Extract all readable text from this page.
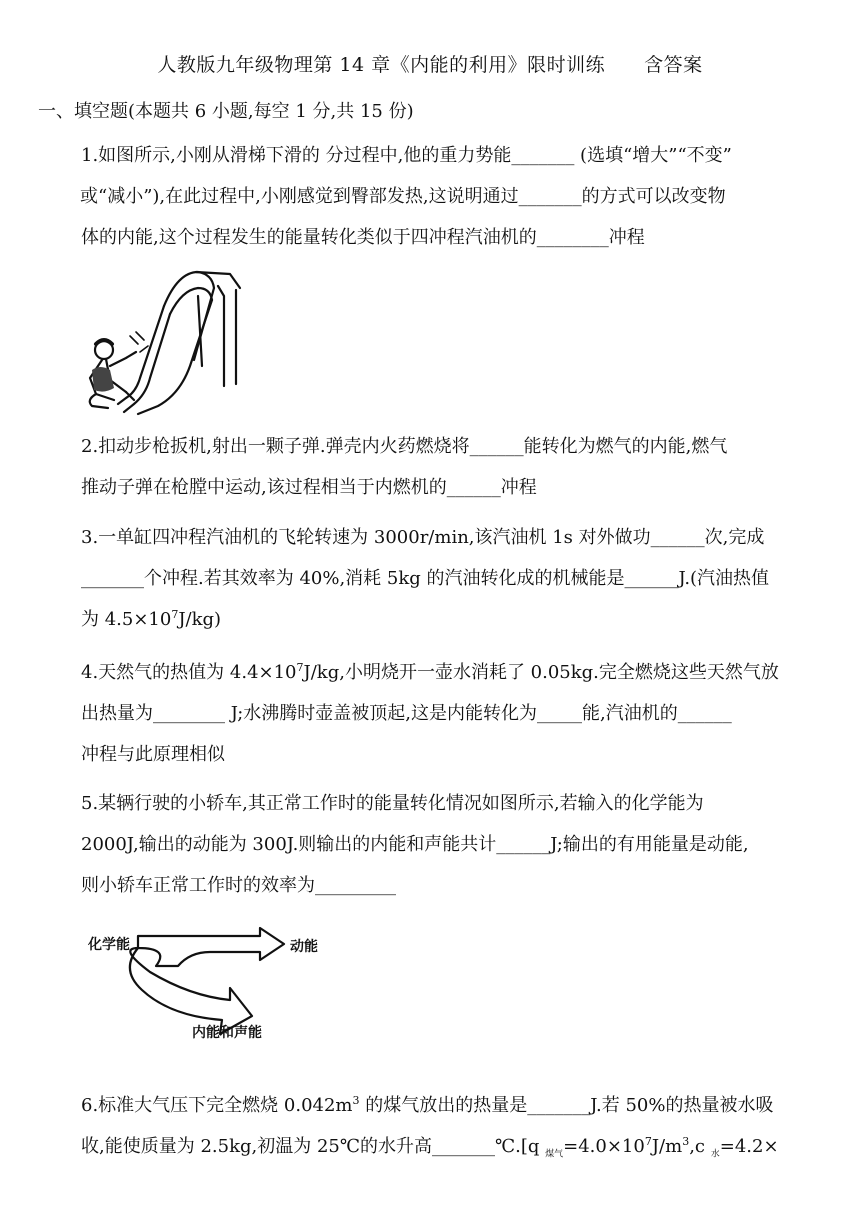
人教版九年级物理第 14 章《内能的利用》限时训练　　含答案
一、填空题(本题共 6 小题,每空 1 分,共 15 份)

1.如图所示,小刚从滑梯下滑的 分过程中,他的重力势能_______ (选填“增大”“不变”

或“减小”),在此过程中,小刚感觉到臀部发热,这说明通过_______的方式可以改变物

体的内能,这个过程发生的能量转化类似于四冲程汽油机的________冲程

2.扣动步枪扳机,射出一颗子弹.弹壳内火药燃烧将______能转化为燃气的内能,燃气

推动子弹在枪膛中运动,该过程相当于内燃机的______冲程

3.一单缸四冲程汽油机的飞轮转速为 3000r/min,该汽油机 1s 对外做功______次,完成

_______个冲程.若其效率为 40%,消耗 5kg 的汽油转化成的机械能是______J.(汽油热值

为 $4.5\times 10^7J/kg$)

4.天然气的热值为 $4.4\times 10^7J/kg$,小明烧开一壶水消耗了 0.05kg.完全燃烧这些天然气放

出热量为________ J;水沸腾时壶盖被顶起,这是内能转化为_____能,汽油机的______

冲程与此原理相似

5.某辆行驶的小轿车,其正常工作时的能量转化情况如图所示,若输入的化学能为

2000J,输出的动能为 300J.则输出的内能和声能共计______J;输出的有用能量是动能,

则小轿车正常工作时的效率为_________

化学能	动能
内能和声能

6.标准大气压下完全燃烧 $0.042m^3$ 的煤气放出的热量是_______J.若 50%的热量被水吸

收,能使质量为 2.5kg,初温为 25℃的水升高_______℃.[q $_{煤气}=4.0\times 10^7J/m^3,c$ $_水$=4.2×
